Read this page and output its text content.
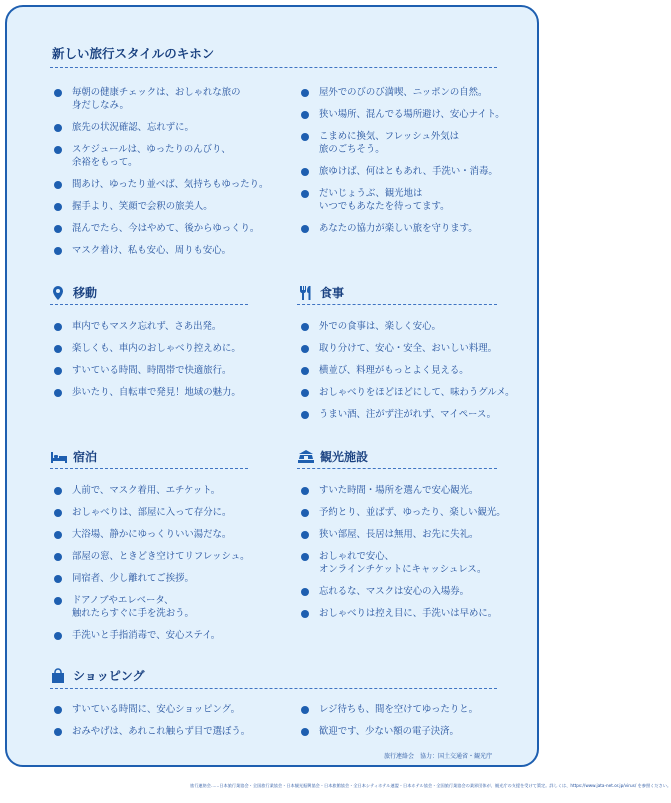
新しい旅行スタイルのキホン
毎朝の健康チェックは、おしゃれな旅の
身だしなみ。
旅先の状況確認、忘れずに。
スケジュールは、ゆったりのんびり、
余裕をもって。
間あけ、ゆったり並べば、気持ちもゆったり。
握手より、笑顔で会釈の旅美人。
混んでたら、今はやめて、後からゆっくり。
マスク着け、私も安心、周りも安心。
屋外でのびのび満喫、ニッポンの自然。
狭い場所、混んでる場所避け、安心ナイト。
こまめに換気、フレッシュ外気は
旅のごちそう。
旅ゆけば、何はともあれ、手洗い・消毒。
だいじょうぶ、観光地は
いつでもあなたを待ってます。
あなたの協力が楽しい旅を守ります。
移動
車内でもマスク忘れず、さあ出発。
楽しくも、車内のおしゃべり控えめに。
すいている時間、時間帯で快適旅行。
歩いたり、自転車で発見！地域の魅力。
食事
外での食事は、楽しく安心。
取り分けて、安心・安全、おいしい料理。
横並び、料理がもっとよく見える。
おしゃべりをほどほどにして、味わうグルメ。
うまい酒、注がず注がれず、マイペース。
宿泊
人前で、マスク着用、エチケット。
おしゃべりは、部屋に入って存分に。
大浴場、静かにゆっくりいい湯だな。
部屋の窓、ときどき空けてリフレッシュ。
同宿者、少し離れてご挨拶。
ドアノブやエレベータ、
触れたらすぐに手を洗おう。
手洗いと手指消毒で、安心ステイ。
観光施設
すいた時間・場所を選んで安心観光。
予約とり、並ばず、ゆったり、楽しい観光。
狭い部屋、長居は無用、お先に失礼。
おしゃれで安心、
オンラインチケットにキャッシュレス。
忘れるな、マスクは安心の入場券。
おしゃべりは控え目に、手洗いは早めに。
ショッピング
すいている時間に、安心ショッピング。
おみやげは、あれこれ触らず目で選ぼう。
レジ待ちも、間を空けてゆったりと。
歓迎です、少ない額の電子決済。
旅行連絡会　協力：国土交通省・観光庁
旅行連絡会……日本旅行業協会・全国旅行業協会・日本観光振興協会・日本旅館協会・全日本シティホテル連盟・日本ホテル協会・全国旅行業協会の業界団体が、観光庁の支援を受けて策定。詳しくは、https://www.jata-net.or.jp/virus/ を参照ください。
